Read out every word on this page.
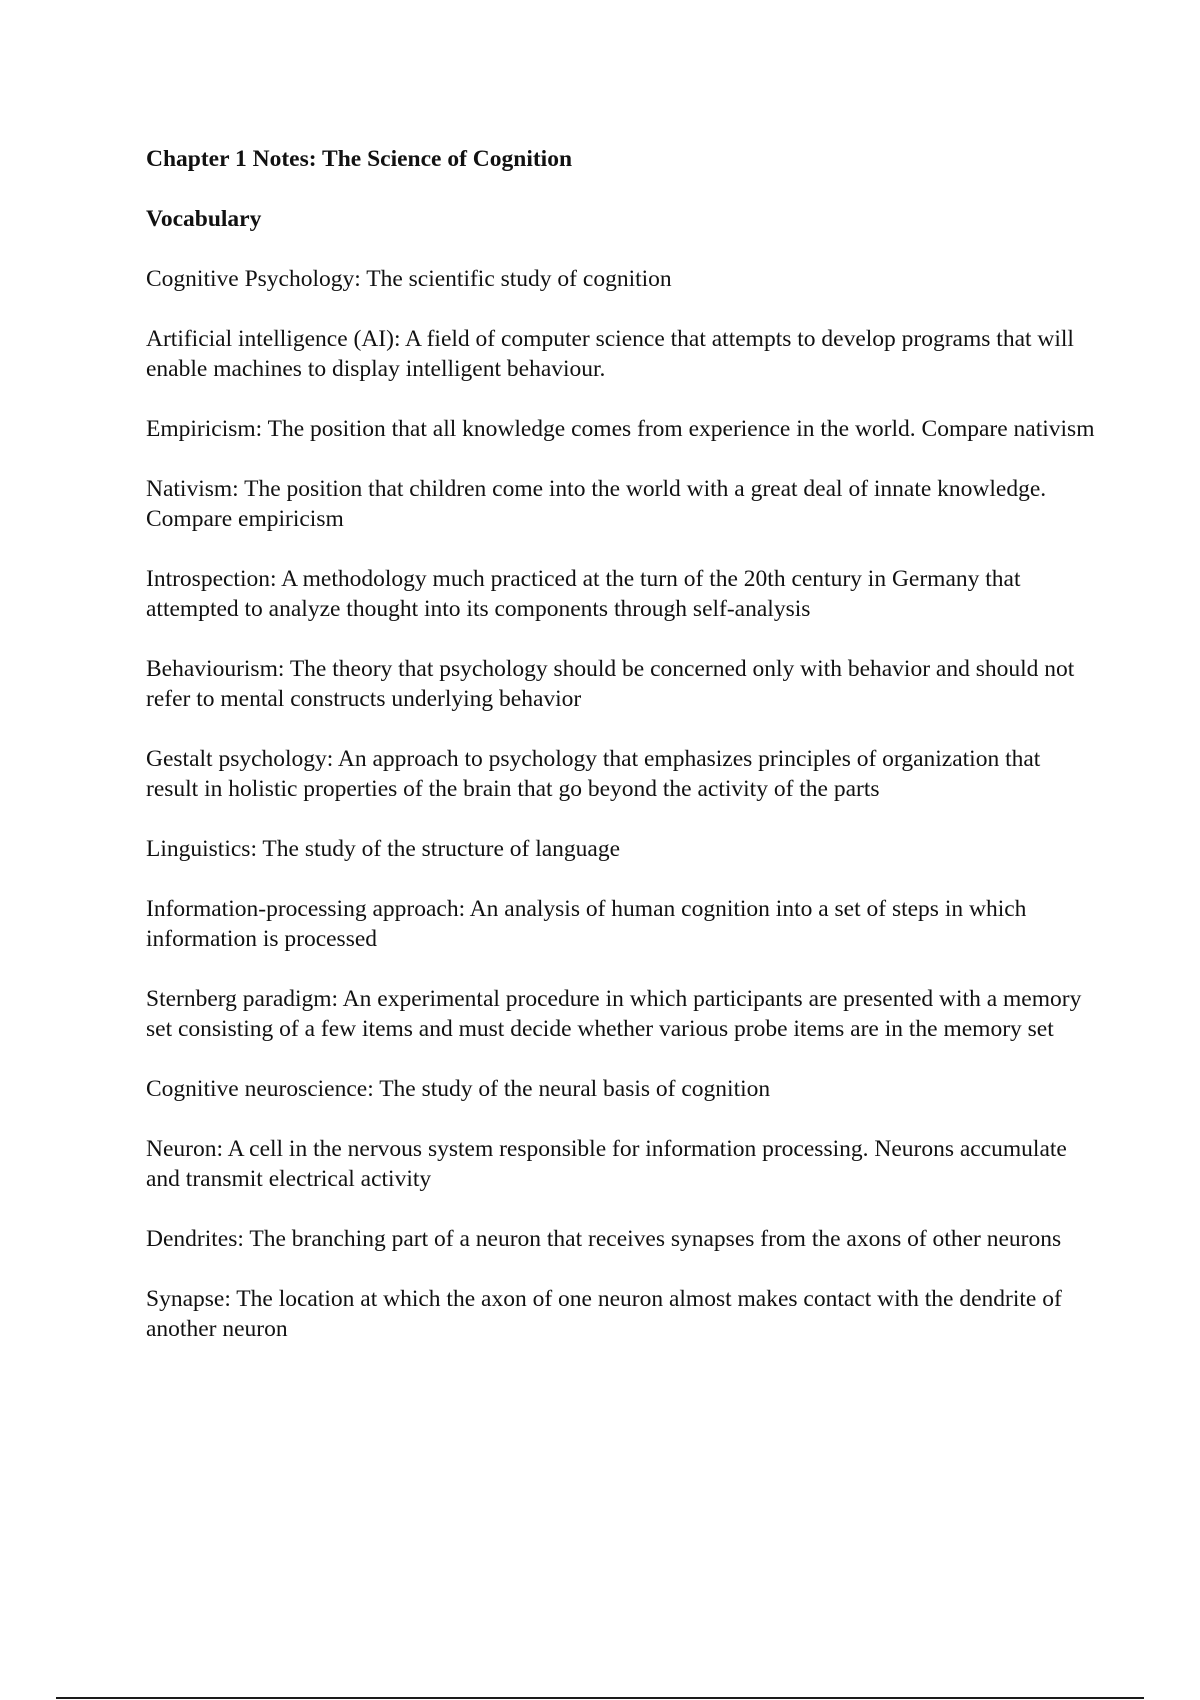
Chapter 1 Notes: The Science of Cognition
Vocabulary
Cognitive Psychology: The scientific study of cognition
Artificial intelligence (AI): A field of computer science that attempts to develop programs that will enable machines to display intelligent behaviour.
Empiricism: The position that all knowledge comes from experience in the world. Compare nativism
Nativism: The position that children come into the world with a great deal of innate knowledge. Compare empiricism
Introspection: A methodology much practiced at the turn of the 20th century in Germany that attempted to analyze thought into its components through self-analysis
Behaviourism: The theory that psychology should be concerned only with behavior and should not refer to mental constructs underlying behavior
Gestalt psychology: An approach to psychology that emphasizes principles of organization that result in holistic properties of the brain that go beyond the activity of the parts
Linguistics: The study of the structure of language
Information-processing approach: An analysis of human cognition into a set of steps in which information is processed
Sternberg paradigm: An experimental procedure in which participants are presented with a memory set consisting of a few items and must decide whether various probe items are in the memory set
Cognitive neuroscience: The study of the neural basis of cognition
Neuron: A cell in the nervous system responsible for information processing. Neurons accumulate and transmit electrical activity
Dendrites: The branching part of a neuron that receives synapses from the axons of other neurons
Synapse: The location at which the axon of one neuron almost makes contact with the dendrite of another neuron
